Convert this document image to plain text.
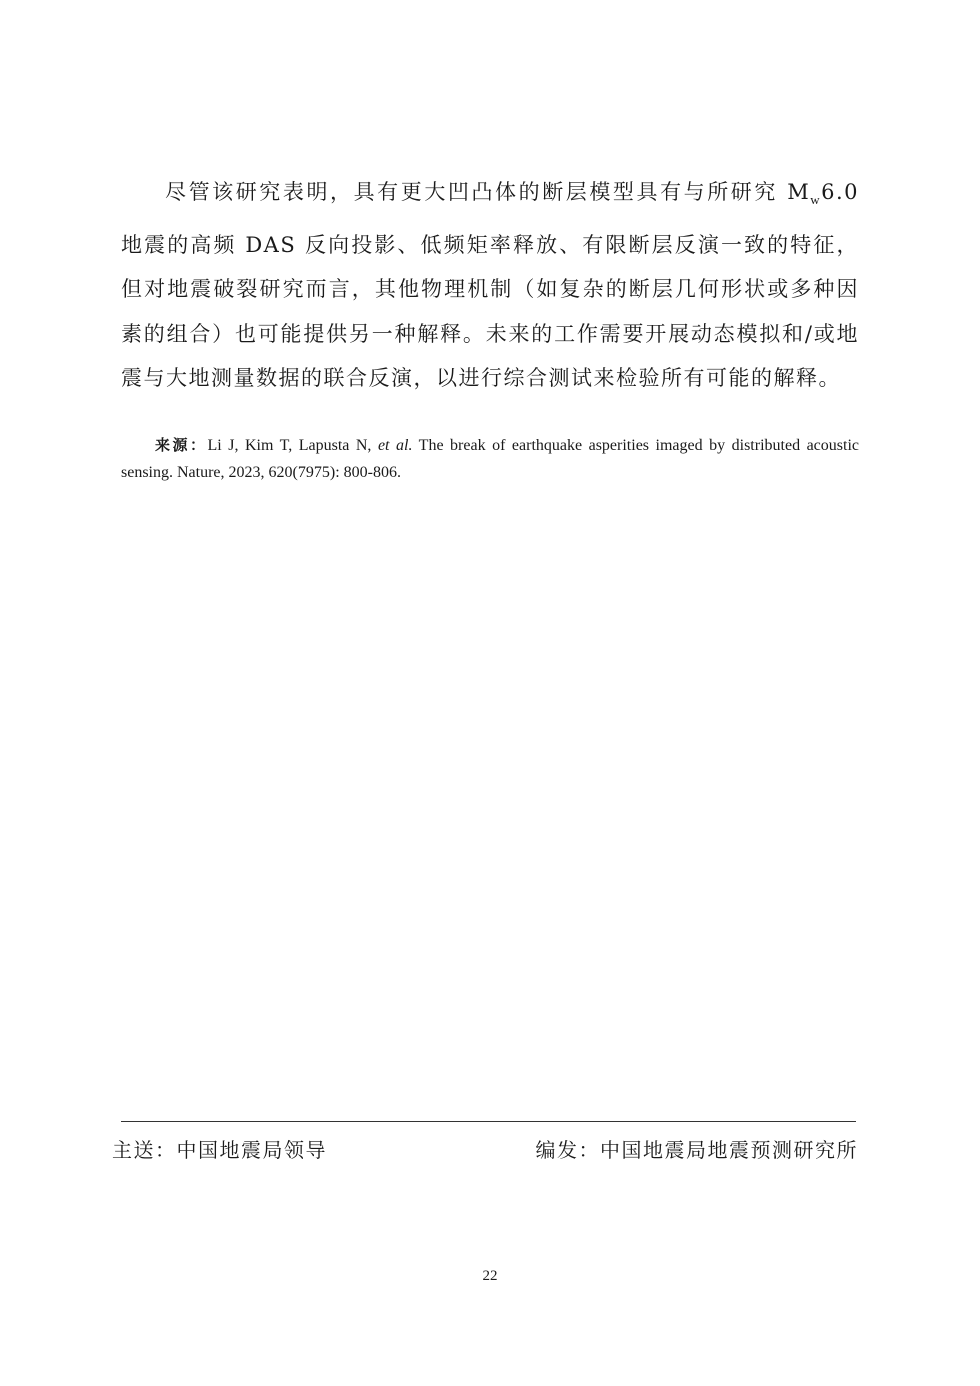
尽管该研究表明，具有更大凹凸体的断层模型具有与所研究 $M_w6.0$ 地震的高频 DAS 反向投影、低频矩率释放、有限断层反演一致的特征，但对地震破裂研究而言，其他物理机制（如复杂的断层几何形状或多种因素的组合）也可能提供另一种解释。未来的工作需要开展动态模拟和/或地震与大地测量数据的联合反演，以进行综合测试来检验所有可能的解释。

来源：Li J, Kim T, Lapusta N, et al. The break of earthquake asperities imaged by distributed acoustic sensing. Nature, 2023, 620(7975): 800-806.

主送：中国地震局领导	编发：中国地震局地震预测研究所
22
